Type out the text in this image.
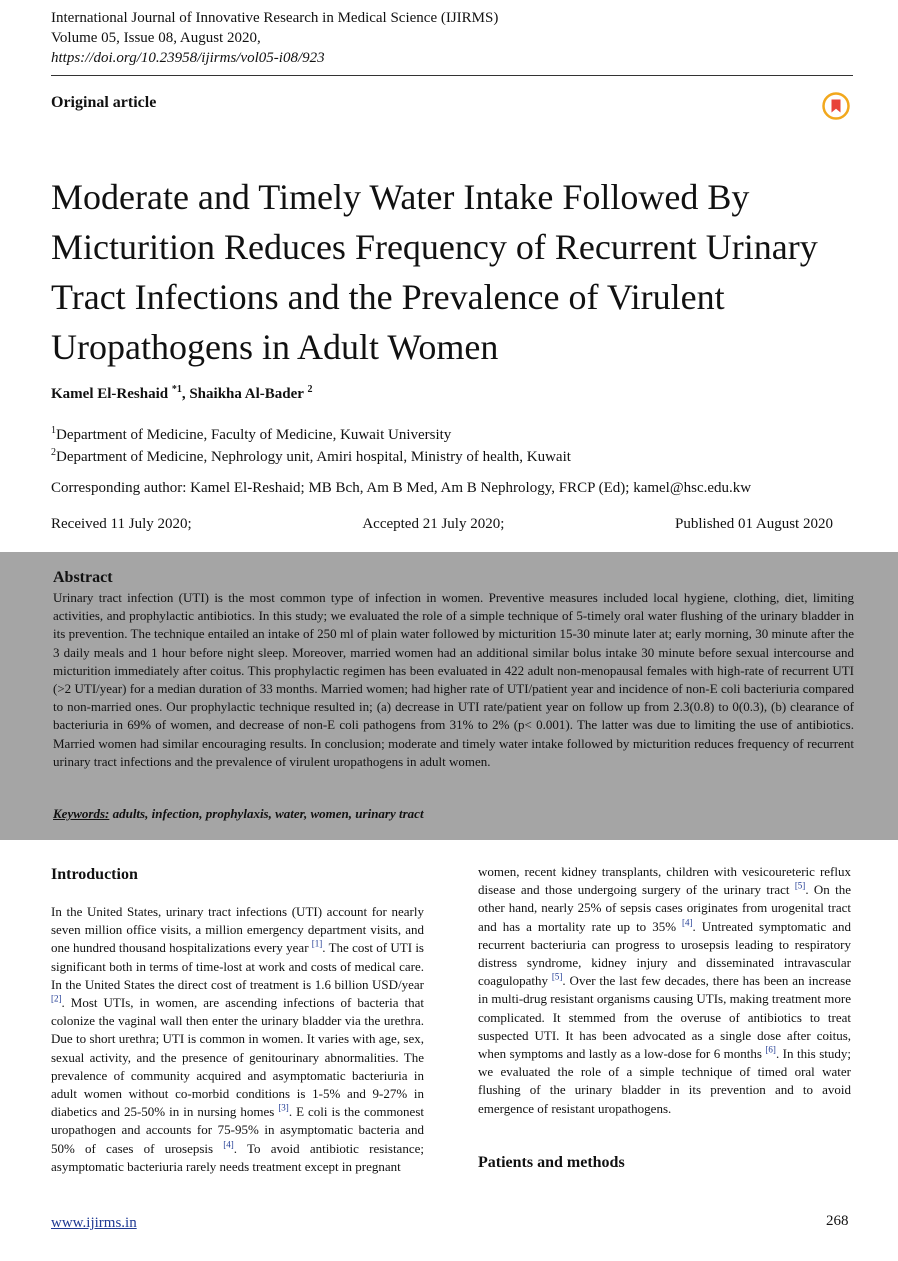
International Journal of Innovative Research in Medical Science (IJIRMS)
Volume 05, Issue 08, August 2020,
https://doi.org/10.23958/ijirms/vol05-i08/923
Original article
Moderate and Timely Water Intake Followed By Micturition Reduces Frequency of Recurrent Urinary Tract Infections and the Prevalence of Virulent Uropathogens in Adult Women
Kamel El-Reshaid $^{*1}$, Shaikha Al-Bader $^2$
$^1$Department of Medicine, Faculty of Medicine, Kuwait University
$^2$Department of Medicine, Nephrology unit, Amiri hospital, Ministry of health, Kuwait
Corresponding author: Kamel El-Reshaid; MB Bch, Am B Med, Am B Nephrology, FRCP (Ed); kamel@hsc.edu.kw
Received 11 July 2020;	Accepted 21 July 2020;	Published 01 August 2020
Abstract
Urinary tract infection (UTI) is the most common type of infection in women. Preventive measures included local hygiene, clothing, diet, limiting activities, and prophylactic antibiotics. In this study; we evaluated the role of a simple technique of 5-timely oral water flushing of the urinary bladder in its prevention. The technique entailed an intake of 250 ml of plain water followed by micturition 15-30 minute later at; early morning, 30 minute after the 3 daily meals and 1 hour before night sleep. Moreover, married women had an additional similar bolus intake 30 minute before sexual intercourse and micturition immediately after coitus. This prophylactic regimen has been evaluated in 422 adult non-menopausal females with high-rate of recurrent UTI (>2 UTI/year) for a median duration of 33 months. Married women; had higher rate of UTI/patient year and incidence of non-E coli bacteriuria compared to non-married ones. Our prophylactic technique resulted in; (a) decrease in UTI rate/patient year on follow up from 2.3(0.8) to 0(0.3), (b) clearance of bacteriuria in 69% of women, and decrease of non-E coli pathogens from 31% to 2% (p< 0.001). The latter was due to limiting the use of antibiotics. Married women had similar encouraging results. In conclusion; moderate and timely water intake followed by micturition reduces frequency of recurrent urinary tract infections and the prevalence of virulent uropathogens in adult women.
Keywords: adults, infection, prophylaxis, water, women, urinary tract
Introduction
In the United States, urinary tract infections (UTI) account for nearly seven million office visits, a million emergency department visits, and one hundred thousand hospitalizations every year [1]. The cost of UTI is significant both in terms of time-lost at work and costs of medical care. In the United States the direct cost of treatment is 1.6 billion USD/year [2]. Most UTIs, in women, are ascending infections of bacteria that colonize the vaginal wall then enter the urinary bladder via the urethra. Due to short urethra; UTI is common in women. It varies with age, sex, sexual activity, and the presence of genitourinary abnormalities. The prevalence of community acquired and asymptomatic bacteriuria in adult women without co-morbid conditions is 1-5% and 9-27% in diabetics and 25-50% in in nursing homes [3]. E coli is the commonest uropathogen and accounts for 75-95% in asymptomatic bacteria and 50% of cases of urosepsis [4]. To avoid antibiotic resistance; asymptomatic bacteriuria rarely needs treatment except in pregnant
women, recent kidney transplants, children with vesicoureteric reflux disease and those undergoing surgery of the urinary tract [5]. On the other hand, nearly 25% of sepsis cases originates from urogenital tract and has a mortality rate up to 35% [4]. Untreated symptomatic and recurrent bacteriuria can progress to urosepsis leading to respiratory distress syndrome, kidney injury and disseminated intravascular coagulopathy [5]. Over the last few decades, there has been an increase in multi-drug resistant organisms causing UTIs, making treatment more complicated. It stemmed from the overuse of antibiotics to treat suspected UTI. It has been advocated as a single dose after coitus, when symptoms and lastly as a low-dose for 6 months [6]. In this study; we evaluated the role of a simple technique of timed oral water flushing of the urinary bladder in its prevention and to avoid emergence of resistant uropathogens.
Patients and methods
www.ijirms.in	268
